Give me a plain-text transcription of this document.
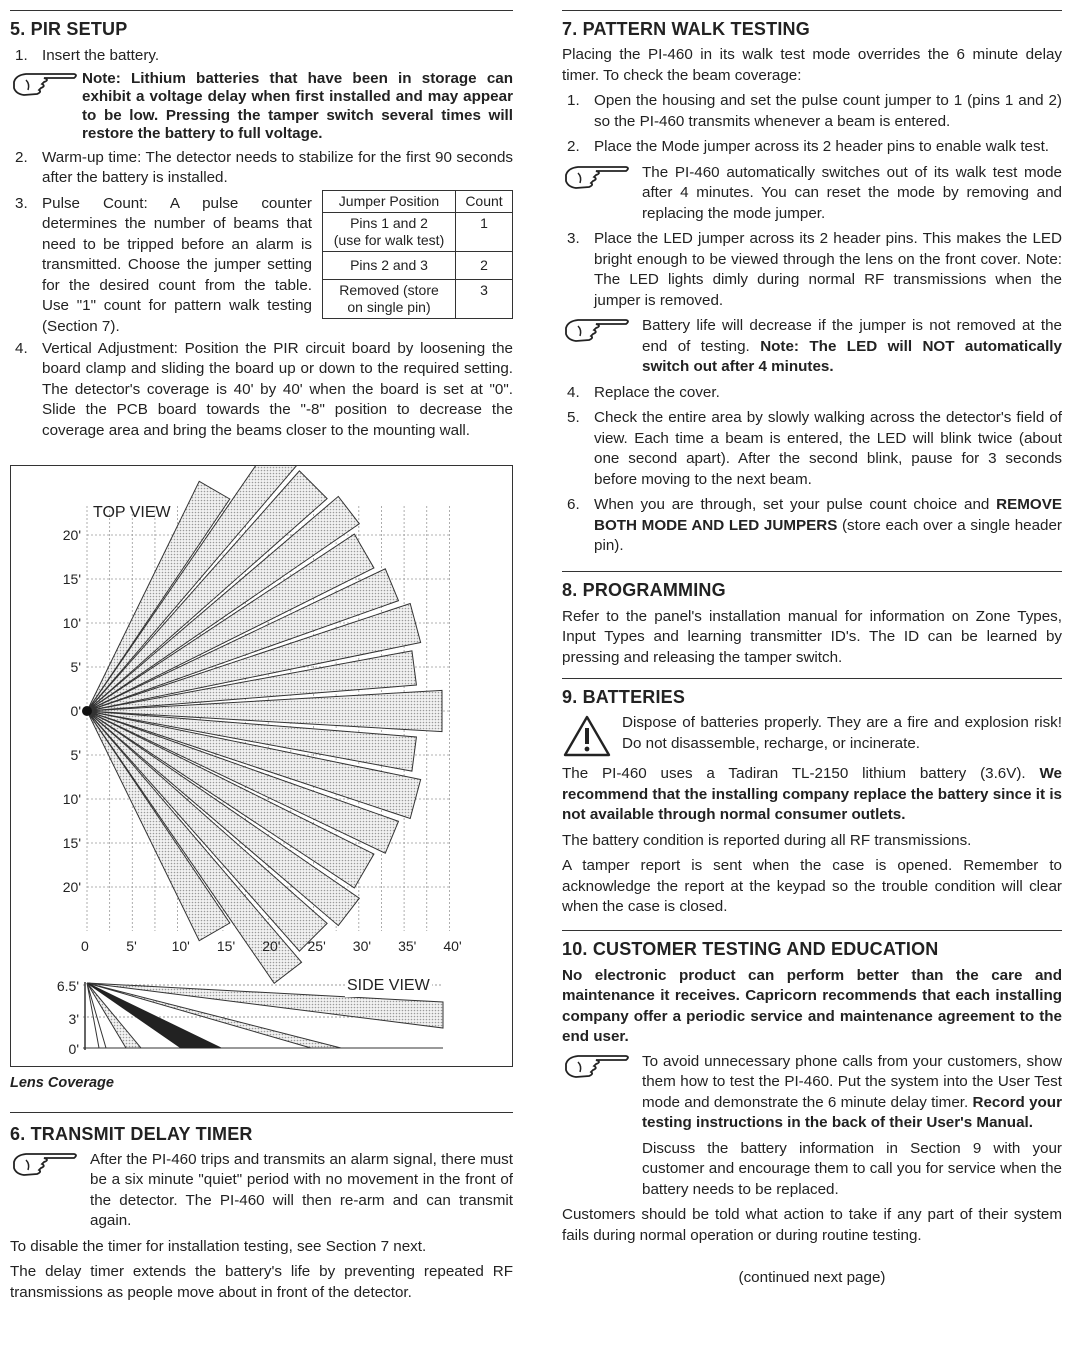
5. PIR SETUP
1. Insert the battery.
Note: Lithium batteries that have been in storage can exhibit a voltage delay when first installed and may appear to be low. Pressing the tamper switch several times will restore the battery to full voltage.
2. Warm-up time: The detector needs to stabilize for the first 90 seconds after the battery is installed.
3.	Jumper Position	Count
Pins 1 and 2
(use for walk test)	1
Pins 2 and 3	2
Removed (store
on single pin)	3
Pulse Count: A pulse counter determines the number of beams that need to be tripped before an alarm is transmitted. Choose the jumper setting for the desired count from the table. Use "1" count for pattern walk testing (Section 7).
4. Vertical Adjustment: Position the PIR circuit board by loosening the board clamp and sliding the board up or down to the required setting. The detector's coverage is 40' by 40' when the board is set at "0". Slide the PCB board towards the "-8" position to decrease the coverage area and bring the beams closer to the mounting wall.
TOP VIEW
SIDE VIEW
20'
15'
10'
5'
0'
5'
10'
15'
20'
0	5' 10' 15' 20' 25' 30' 35' 40'
6.5'
3'
0'
Lens Coverage
6. TRANSMIT DELAY TIMER
After the PI-460 trips and transmits an alarm signal, there must be a six minute "quiet" period with no movement in the front of the detector. The PI-460 will then re-arm and can transmit again.

To disable the timer for installation testing, see Section 7 next.

The delay timer extends the battery's life by preventing repeated RF transmissions as people move about in front of the detector.

7. PATTERN WALK TESTING

Placing the PI-460 in its walk test mode overrides the 6 minute delay timer. To check the beam coverage:

1. Open the housing and set the pulse count jumper to 1 (pins 1 and 2) so the PI-460 transmits whenever a beam is entered.
2. Place the Mode jumper across its 2 header pins to enable walk test.
The PI-460 automatically switches out of its walk test mode after 4 minutes. You can reset the mode by removing and replacing the mode jumper.
3. Place the LED jumper across its 2 header pins. This makes the LED bright enough to be viewed through the lens on the front cover. Note: The LED lights dimly during normal RF transmissions when the jumper is removed.
Battery life will decrease if the jumper is not removed at the end of testing. Note: The LED will NOT automatically switch out after 4 minutes.
4. Replace the cover.
5. Check the entire area by slowly walking across the detector's field of view. Each time a beam is entered, the LED will blink twice (about one second apart). After the second blink, pause for 3 seconds before moving to the next beam.
6. When you are through, set your pulse count choice and REMOVE BOTH MODE AND LED JUMPERS (store each over a single header pin).
8. PROGRAMMING

Refer to the panel's installation manual for information on Zone Types, Input Types and learning transmitter ID's. The ID can be learned by pressing and releasing the tamper switch.

9. BATTERIES
Dispose of batteries properly. They are a fire and explosion risk! Do not disassemble, recharge, or incinerate.

The PI-460 uses a Tadiran TL-2150 lithium battery (3.6V). We recommend that the installing company replace the battery since it is not available through normal consumer outlets.

The battery condition is reported during all RF transmissions.

A tamper report is sent when the case is opened. Remember to acknowledge the report at the keypad so the trouble condition will clear when the case is closed.

10. CUSTOMER TESTING AND EDUCATION

No electronic product can perform better than the care and maintenance it receives. Capricorn recommends that each installing company offer a periodic service and maintenance agreement to the end user.

To avoid unnecessary phone calls from your customers, show them how to test the PI-460. Put the system into the User Test mode and demonstrate the 6 minute delay timer. Record your testing instructions in the back of their User's Manual.

Discuss the battery information in Section 9 with your customer and encourage them to call you for service when the battery needs to be replaced.

Customers should be told what action to take if any part of their system fails during normal operation or during routine testing.

(continued next page)
